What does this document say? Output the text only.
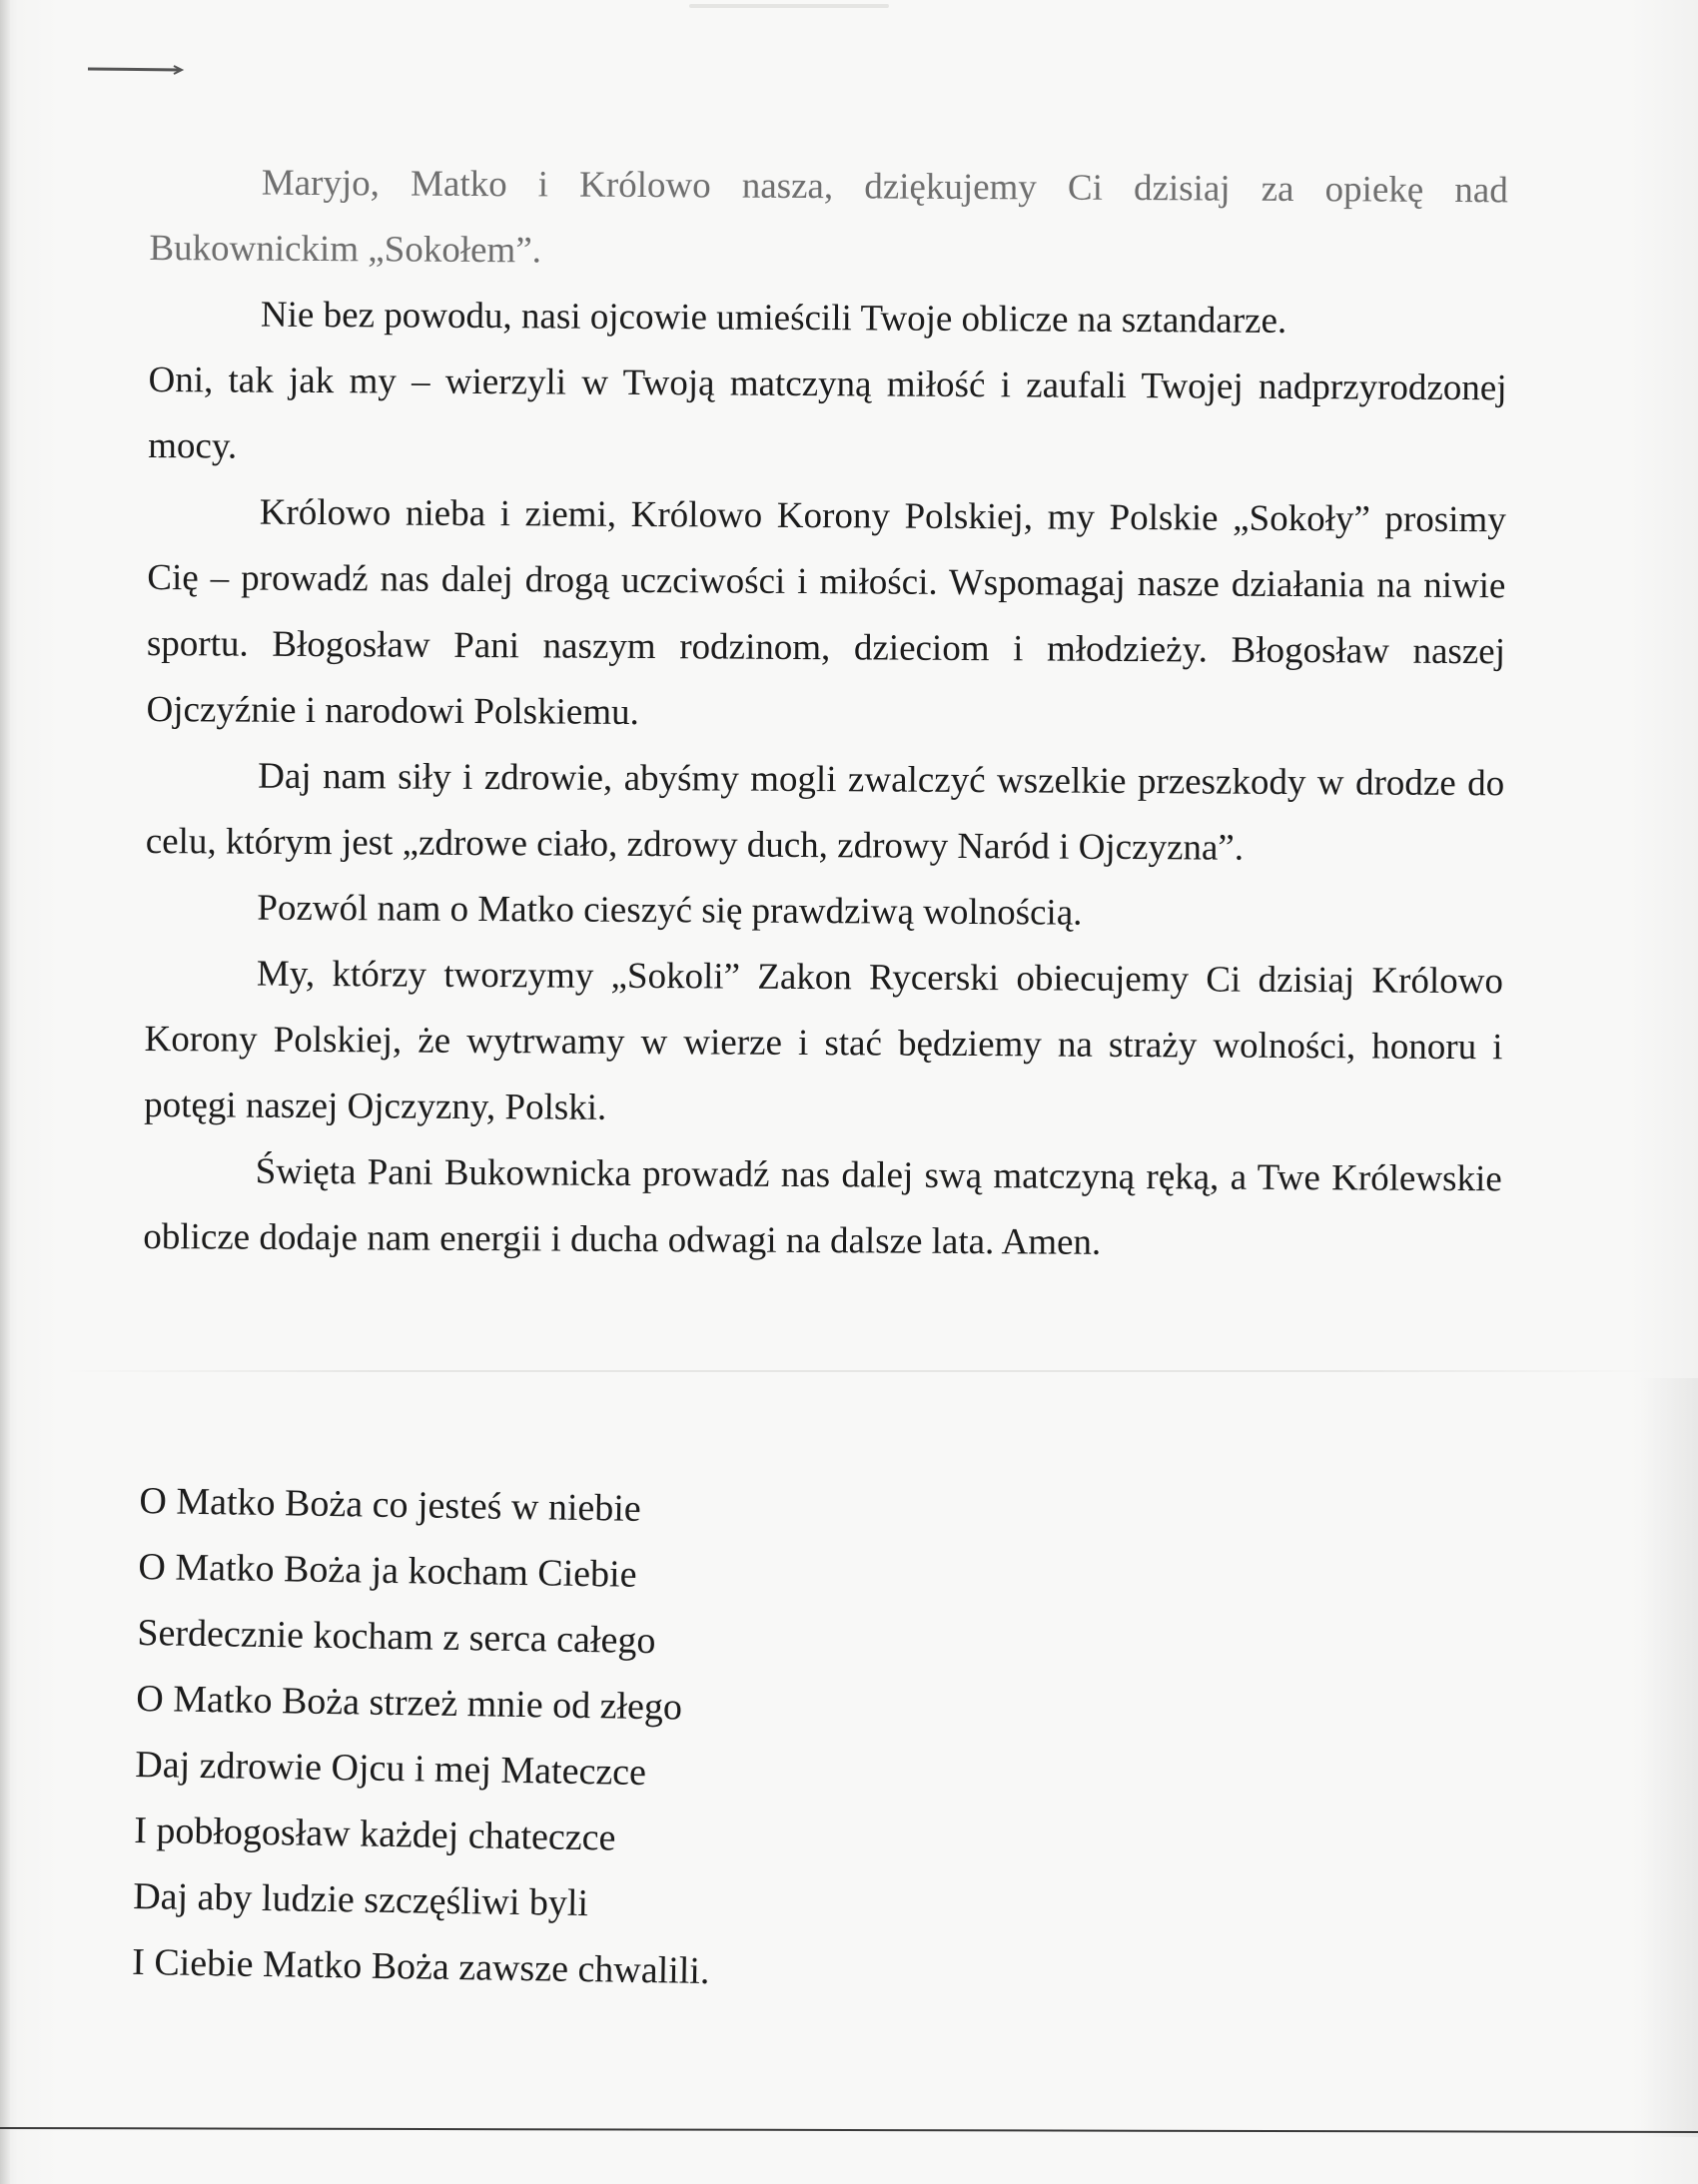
Maryjo, Matko i Królowo nasza, dziękujemy Ci dzisiaj za opiekę nad Bukownickim „Sokołem”.

Nie bez powodu, nasi ojcowie umieścili Twoje oblicze na sztandarze.

Oni, tak jak my – wierzyli w Twoją matczyną miłość i zaufali Twojej nadprzyrodzonej mocy.

Królowo nieba i ziemi, Królowo Korony Polskiej, my Polskie „Sokoły” prosimy Cię – prowadź nas dalej drogą uczciwości i miłości. Wspomagaj nasze działania na niwie sportu. Błogosław Pani naszym rodzinom, dzieciom i młodzieży. Błogosław naszej Ojczyźnie i narodowi Polskiemu.

Daj nam siły i zdrowie, abyśmy mogli zwalczyć wszelkie przeszkody w drodze do celu, którym jest „zdrowe ciało, zdrowy duch, zdrowy Naród i Ojczyzna”.

Pozwól nam o Matko cieszyć się prawdziwą wolnością.

My, którzy tworzymy „Sokoli” Zakon Rycerski obiecujemy Ci dzisiaj Królowo Korony Polskiej, że wytrwamy w wierze i stać będziemy na straży wolności, honoru i potęgi naszej Ojczyzny, Polski.

Święta Pani Bukownicka prowadź nas dalej swą matczyną ręką, a Twe Królewskie oblicze dodaje nam energii i ducha odwagi na dalsze lata. Amen.

O Matko Boża co jesteś w niebie
O Matko Boża ja kocham Ciebie
Serdecznie kocham z serca całego
O Matko Boża strzeż mnie od złego
Daj zdrowie Ojcu i mej Mateczce
I pobłogosław każdej chateczce
Daj aby ludzie szczęśliwi byli
I Ciebie Matko Boża zawsze chwalili.
